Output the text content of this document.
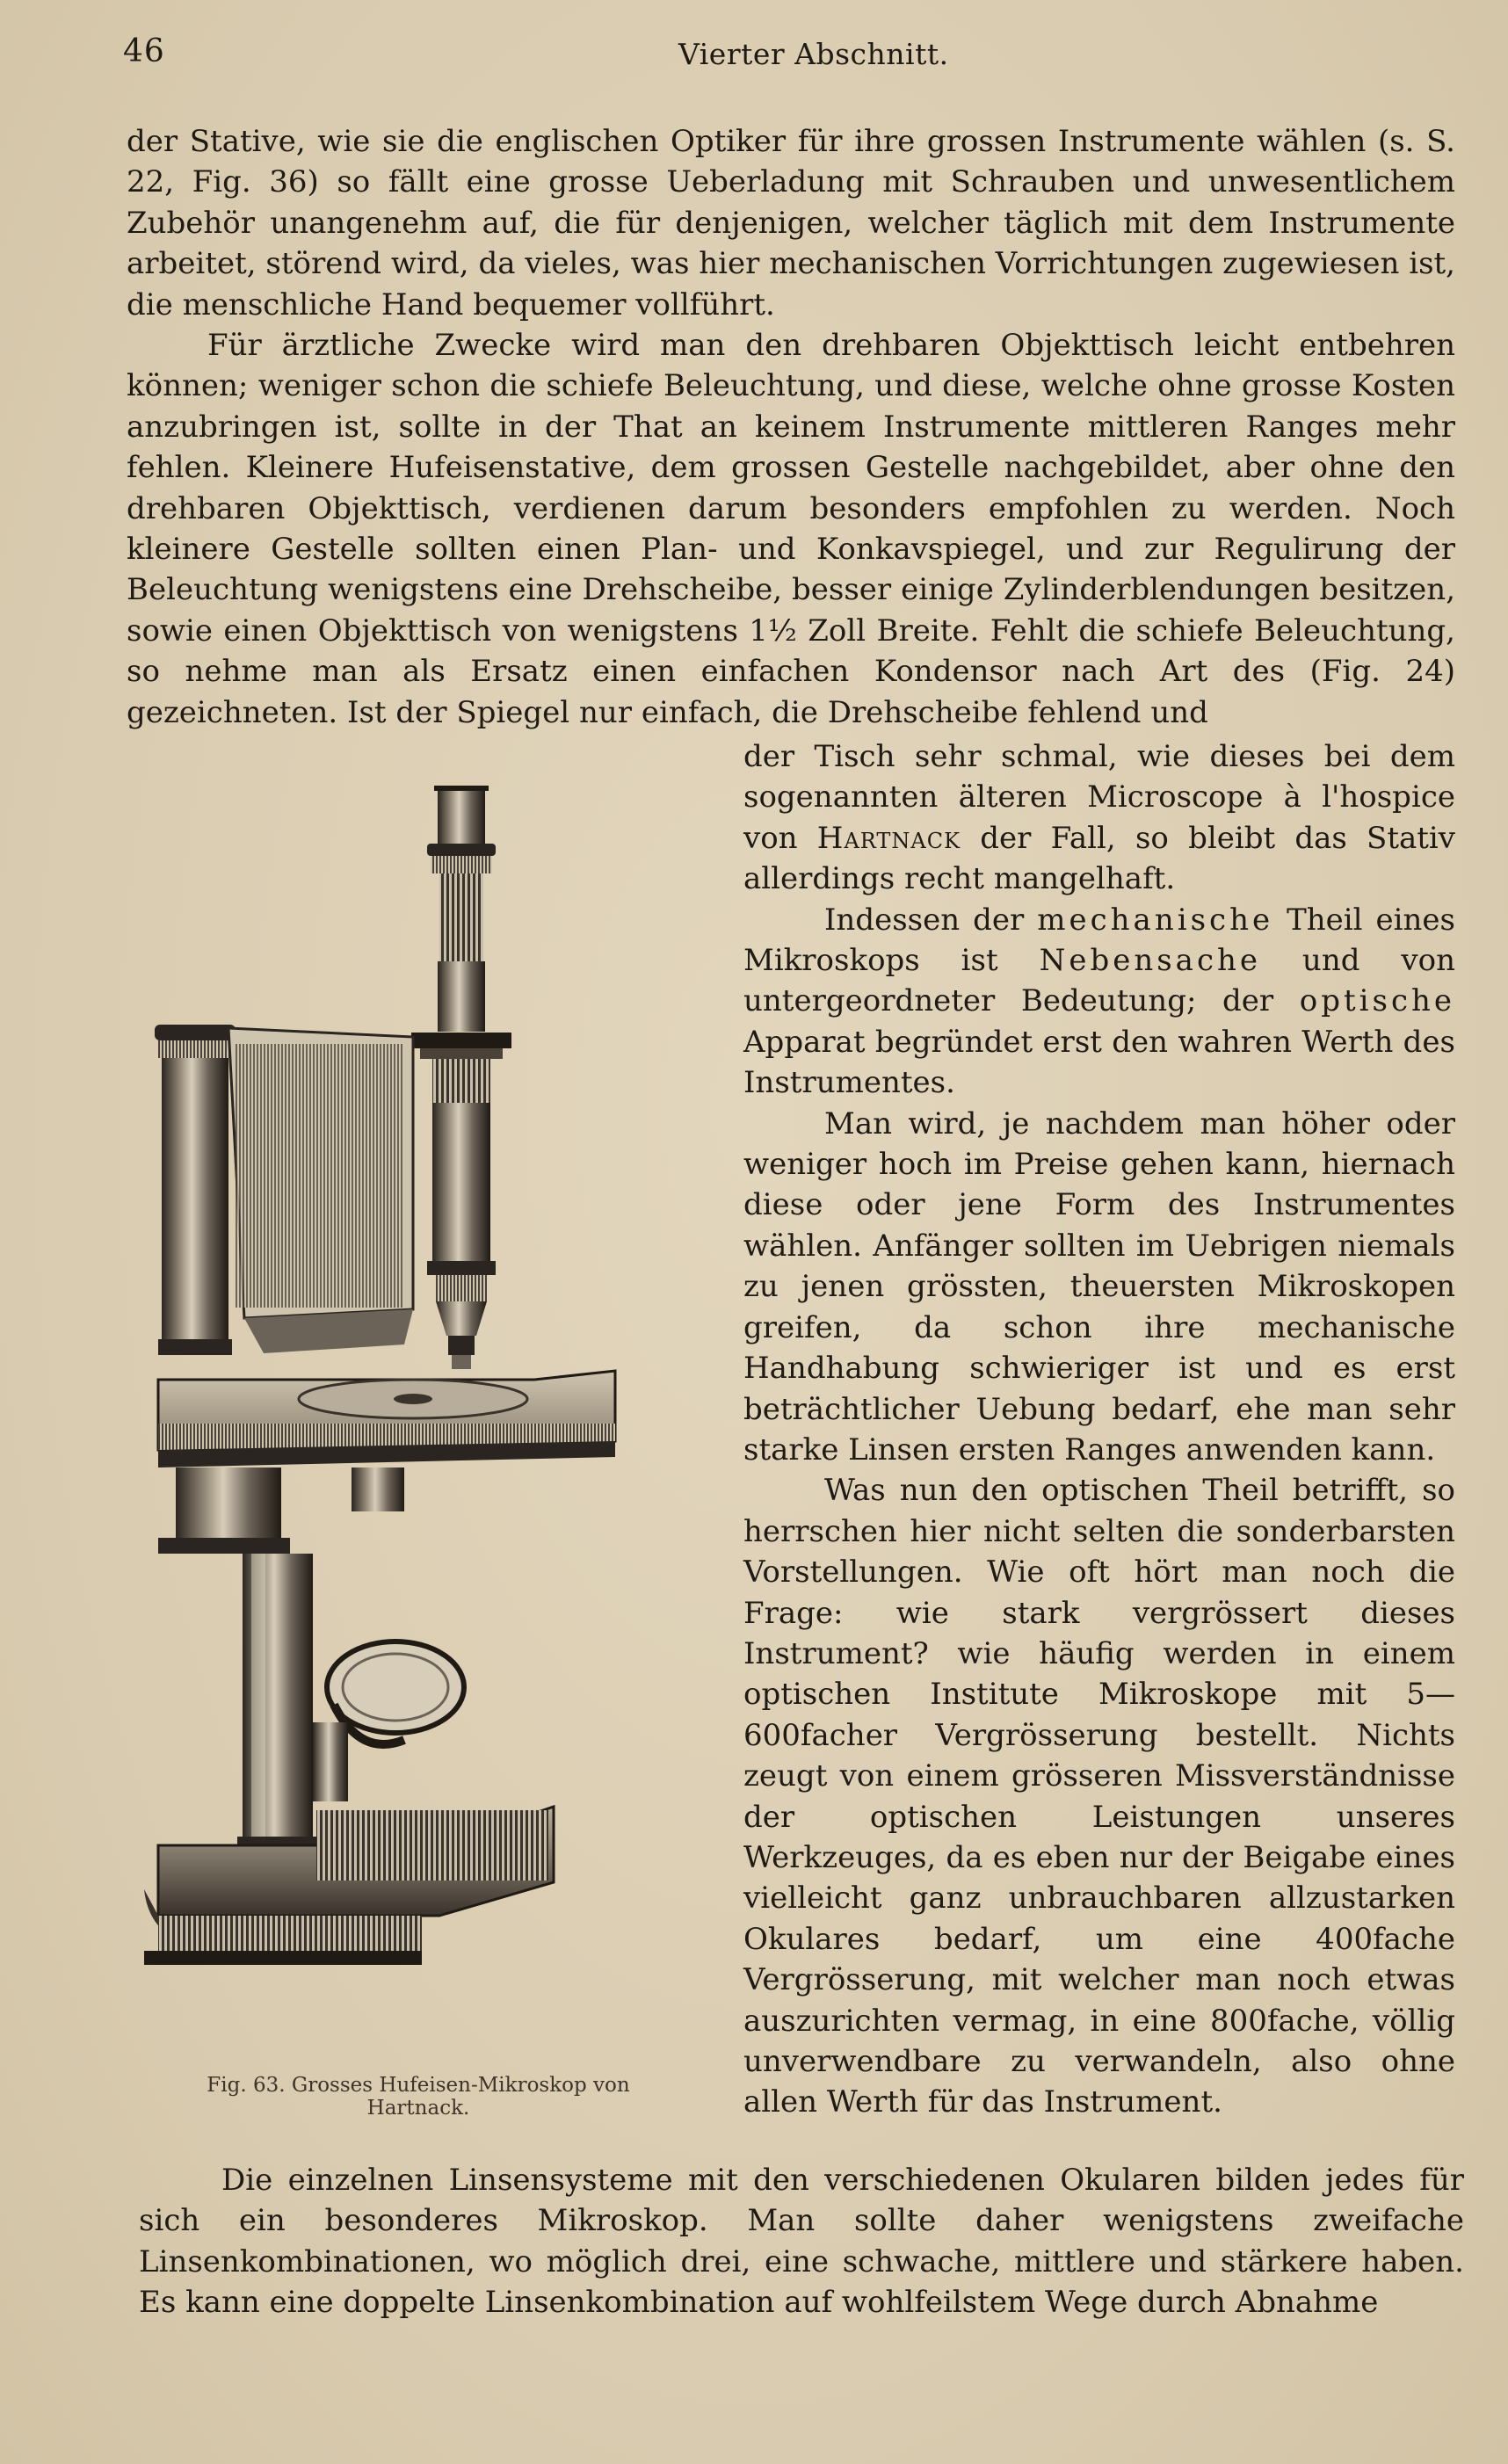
46	Vierter Abschnitt.
der Stative, wie sie die englischen Optiker für ihre grossen Instrumente wählen (s. S. 22, Fig. 36) so fällt eine grosse Ueberladung mit Schrauben und unwesentlichem Zubehör unangenehm auf, die für denjenigen, welcher täglich mit dem Instrumente arbeitet, störend wird, da vieles, was hier mechanischen Vorrichtungen zugewiesen ist, die menschliche Hand bequemer vollführt.
Für ärztliche Zwecke wird man den drehbaren Objekttisch leicht entbehren können; weniger schon die schiefe Beleuchtung, und diese, welche ohne grosse Kosten anzubringen ist, sollte in der That an keinem Instrumente mittleren Ranges mehr fehlen. Kleinere Hufeisenstative, dem grossen Gestelle nachgebildet, aber ohne den drehbaren Objekttisch, verdienen darum besonders empfohlen zu werden. Noch kleinere Gestelle sollten einen Plan- und Konkavspiegel, und zur Regulirung der Beleuchtung wenigstens eine Drehscheibe, besser einige Zylinderblendungen besitzen, sowie einen Objekttisch von wenigstens 1½ Zoll Breite. Fehlt die schiefe Beleuchtung, so nehme man als Ersatz einen einfachen Kondensor nach Art des (Fig. 24) gezeichneten. Ist der Spiegel nur einfach, die Drehscheibe fehlend und
Fig. 63. Grosses Hufeisen-Mikroskop von Hartnack.
der Tisch sehr schmal, wie dieses bei dem sogenannten älteren Microscope à l'hospice von Hartnack der Fall, so bleibt das Stativ allerdings recht mangelhaft.
Indessen der mechanische Theil eines Mikroskops ist Nebensache und von untergeordneter Bedeutung; der optische Apparat begründet erst den wahren Werth des Instrumentes.
Man wird, je nachdem man höher oder weniger hoch im Preise gehen kann, hiernach diese oder jene Form des Instrumentes wählen. Anfänger sollten im Uebrigen niemals zu jenen grössten, theuersten Mikroskopen greifen, da schon ihre mechanische Handhabung schwieriger ist und es erst beträchtlicher Uebung bedarf, ehe man sehr starke Linsen ersten Ranges anwenden kann.
Was nun den optischen Theil betrifft, so herrschen hier nicht selten die sonderbarsten Vorstellungen. Wie oft hört man noch die Frage: wie stark vergrössert dieses Instrument? wie häufig werden in einem optischen Institute Mikroskope mit 5—600facher Vergrösserung bestellt. Nichts zeugt von einem grösseren Missverständnisse der optischen Leistungen unseres Werkzeuges, da es eben nur der Beigabe eines vielleicht ganz unbrauchbaren allzustarken Okulares bedarf, um eine 400fache Vergrösserung, mit welcher man noch etwas auszurichten vermag, in eine 800fache, völlig unverwendbare zu verwandeln, also ohne allen Werth für das Instrument.
Die einzelnen Linsensysteme mit den verschiedenen Okularen bilden jedes für sich ein besonderes Mikroskop. Man sollte daher wenigstens zweifache Linsenkombinationen, wo möglich drei, eine schwache, mittlere und stärkere haben. Es kann eine doppelte Linsenkombination auf wohlfeilstem Wege durch Abnahme
